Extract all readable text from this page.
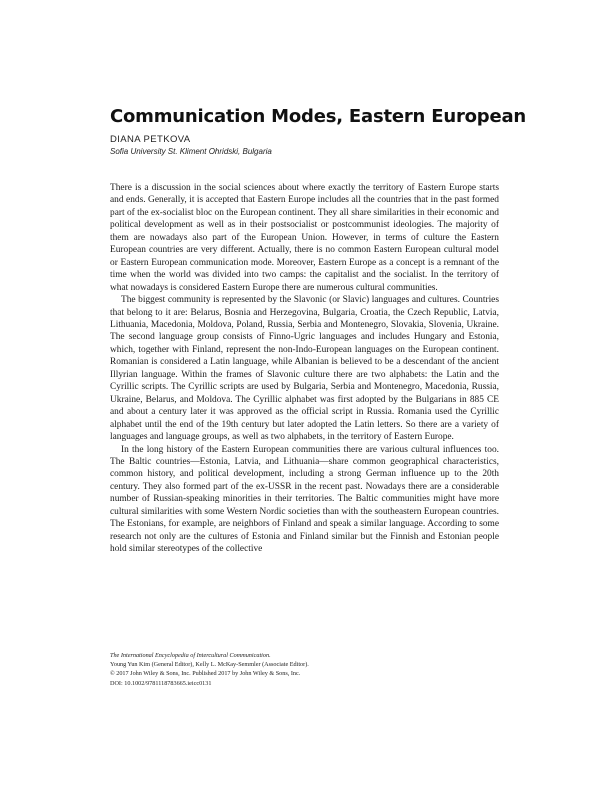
Communication Modes, Eastern European
DIANA PETKOVA
Sofia University St. Kliment Ohridski, Bulgaria

There is a discussion in the social sciences about where exactly the territory of Eastern Europe starts and ends. Generally, it is accepted that Eastern Europe includes all the countries that in the past formed part of the ex-socialist bloc on the European continent. They all share similarities in their economic and political development as well as in their postsocialist or postcommunist ideologies. The majority of them are nowadays also part of the European Union. However, in terms of culture the Eastern European countries are very different. Actually, there is no common Eastern European cultural model or Eastern European communication mode. Moreover, Eastern Europe as a concept is a remnant of the time when the world was divided into two camps: the capitalist and the socialist. In the territory of what nowadays is considered Eastern Europe there are numerous cultural communities.

The biggest community is represented by the Slavonic (or Slavic) languages and cultures. Countries that belong to it are: Belarus, Bosnia and Herzegovina, Bulgaria, Croatia, the Czech Republic, Latvia, Lithuania, Macedonia, Moldova, Poland, Russia, Serbia and Montenegro, Slovakia, Slovenia, Ukraine. The second language group consists of Finno-Ugric languages and includes Hungary and Estonia, which, together with Finland, represent the non-Indo-European languages on the European continent. Romanian is considered a Latin language, while Albanian is believed to be a descendant of the ancient Illyrian language. Within the frames of Slavonic culture there are two alphabets: the Latin and the Cyrillic scripts. The Cyrillic scripts are used by Bulgaria, Serbia and Montenegro, Macedonia, Russia, Ukraine, Belarus, and Moldova. The Cyrillic alphabet was first adopted by the Bulgarians in 885 CE and about a century later it was approved as the official script in Russia. Romania used the Cyrillic alphabet until the end of the 19th century but later adopted the Latin letters. So there are a variety of languages and language groups, as well as two alphabets, in the territory of Eastern Europe.

In the long history of the Eastern European communities there are various cultural influences too. The Baltic countries—Estonia, Latvia, and Lithuania—share common geographical characteristics, common history, and political development, including a strong German influence up to the 20th century. They also formed part of the ex-USSR in the recent past. Nowadays there are a considerable number of Russian-speaking minorities in their territories. The Baltic communities might have more cultural similarities with some Western Nordic societies than with the southeastern European countries. The Estonians, for example, are neighbors of Finland and speak a similar language. According to some research not only are the cultures of Estonia and Finland similar but the Finnish and Estonian people hold similar stereotypes of the collective

The International Encyclopedia of Intercultural Communication.
Young Yun Kim (General Editor), Kelly L. McKay-Semmler (Associate Editor).
© 2017 John Wiley & Sons, Inc. Published 2017 by John Wiley & Sons, Inc.
DOI: 10.1002/9781118783665.ieicc0131
